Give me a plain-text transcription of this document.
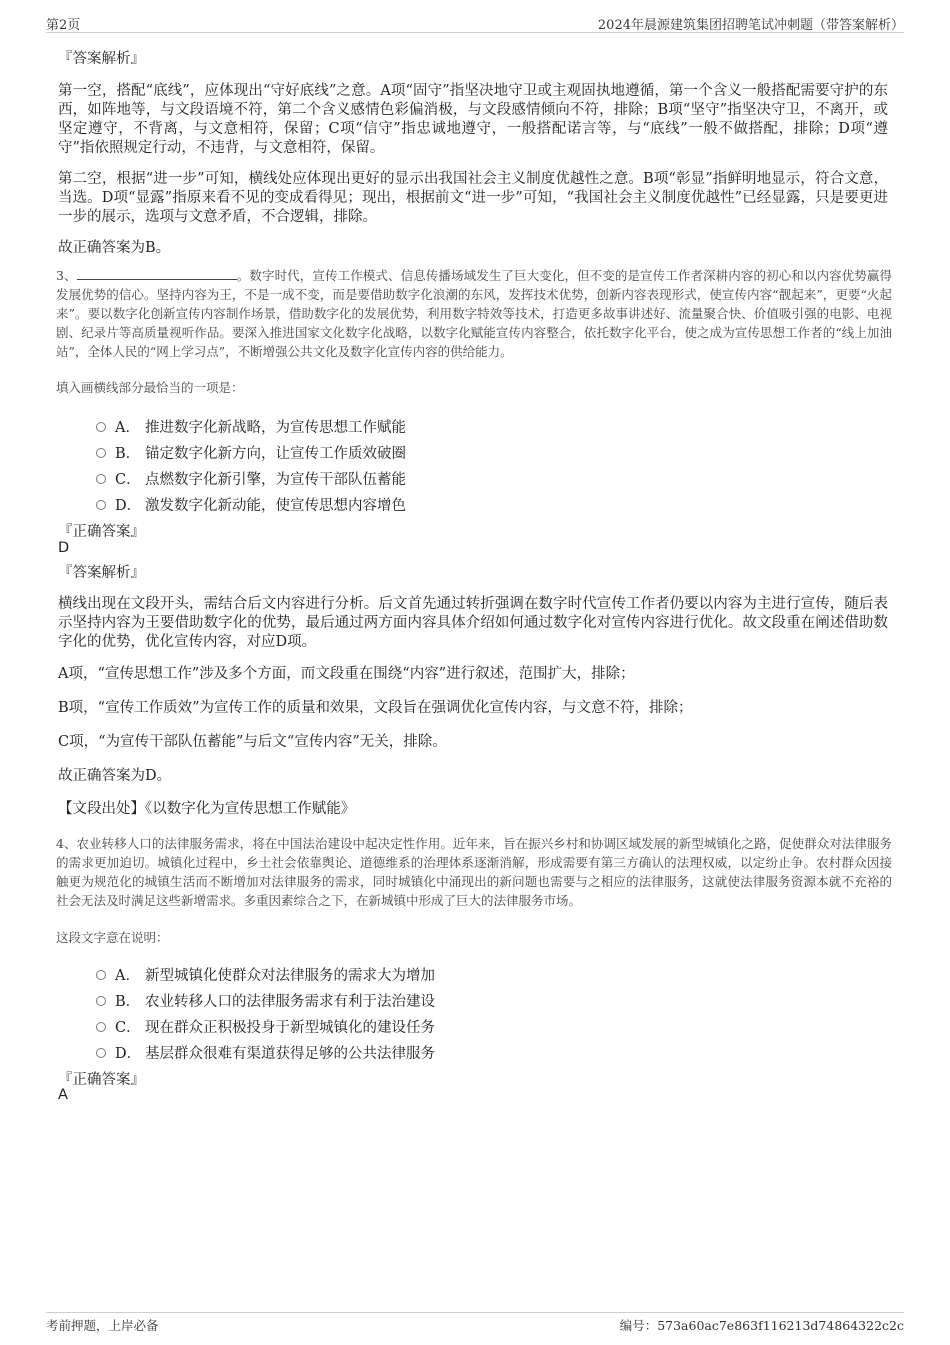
第2页	2024年晨源建筑集团招聘笔试冲刺题（带答案解析）
『答案解析』
第一空，搭配“底线”，应体现出“守好底线”之意。A项“固守”指坚决地守卫或主观固执地遵循，第一个含义一般搭配需要守护的东西，如阵地等，与文段语境不符，第二个含义感情色彩偏消极，与文段感情倾向不符，排除；B项“坚守”指坚决守卫，不离开，或坚定遵守，不背离，与文意相符，保留；C项“信守”指忠诚地遵守，一般搭配诺言等，与“底线”一般不做搭配，排除；D项“遵守”指依照规定行动，不违背，与文意相符，保留。
第二空，根据“进一步”可知，横线处应体现出更好的显示出我国社会主义制度优越性之意。B项“彰显”指鲜明地显示，符合文意，当选。D项“显露”指原来看不见的变成看得见；现出，根据前文“进一步”可知，“我国社会主义制度优越性”已经显露，只是要更进一步的展示，选项与文意矛盾，不合逻辑，排除。
故正确答案为B。
3、	。数字时代，宣传工作模式、信息传播场域发生了巨大变化，但不变的是宣传工作者深耕内容的初心和以内容优势赢得发展优势的信心。坚持内容为王，不是一成不变，而是要借助数字化浪潮的东风，发挥技术优势，创新内容表现形式，使宣传内容“靓起来”，更要“火起来”。要以数字化创新宣传内容制作场景，借助数字化的发展优势，利用数字特效等技术，打造更多故事讲述好、流量聚合快、价值吸引强的电影、电视剧、纪录片等高质量视听作品。要深入推进国家文化数字化战略，以数字化赋能宣传内容整合，依托数字化平台，使之成为宣传思想工作者的“线上加油站”，全体人民的“网上学习点”，不断增强公共文化及数字化宣传内容的供给能力。
填入画横线部分最恰当的一项是：
A． 推进数字化新战略，为宣传思想工作赋能
B． 锚定数字化新方向，让宣传工作质效破圈
C． 点燃数字化新引擎，为宣传干部队伍蓄能
D． 激发数字化新动能，使宣传思想内容增色
『正确答案』
D
『答案解析』
横线出现在文段开头，需结合后文内容进行分析。后文首先通过转折强调在数字时代宣传工作者仍要以内容为主进行宣传，随后表示坚持内容为王要借助数字化的优势，最后通过两方面内容具体介绍如何通过数字化对宣传内容进行优化。故文段重在阐述借助数字化的优势，优化宣传内容，对应D项。
A项，“宣传思想工作”涉及多个方面，而文段重在围绕“内容”进行叙述，范围扩大，排除；
B项，“宣传工作质效”为宣传工作的质量和效果，文段旨在强调优化宣传内容，与文意不符，排除；
C项，“为宣传干部队伍蓄能”与后文“宣传内容”无关，排除。
故正确答案为D。
【文段出处】《以数字化为宣传思想工作赋能》
4、农业转移人口的法律服务需求，将在中国法治建设中起决定性作用。近年来，旨在振兴乡村和协调区域发展的新型城镇化之路，促使群众对法律服务的需求更加迫切。城镇化过程中，乡土社会依靠舆论、道德维系的治理体系逐渐消解，形成需要有第三方确认的法理权威，以定纷止争。农村群众因接触更为规范化的城镇生活而不断增加对法律服务的需求，同时城镇化中涌现出的新问题也需要与之相应的法律服务，这就使法律服务资源本就不充裕的社会无法及时满足这些新增需求。多重因素综合之下，在新城镇中形成了巨大的法律服务市场。
这段文字意在说明：
A． 新型城镇化使群众对法律服务的需求大为增加
B． 农业转移人口的法律服务需求有利于法治建设
C． 现在群众正积极投身于新型城镇化的建设任务
D． 基层群众很难有渠道获得足够的公共法律服务
『正确答案』
A
考前押题，上岸必备	编号：573a60ac7e863f116213d74864322c2c
